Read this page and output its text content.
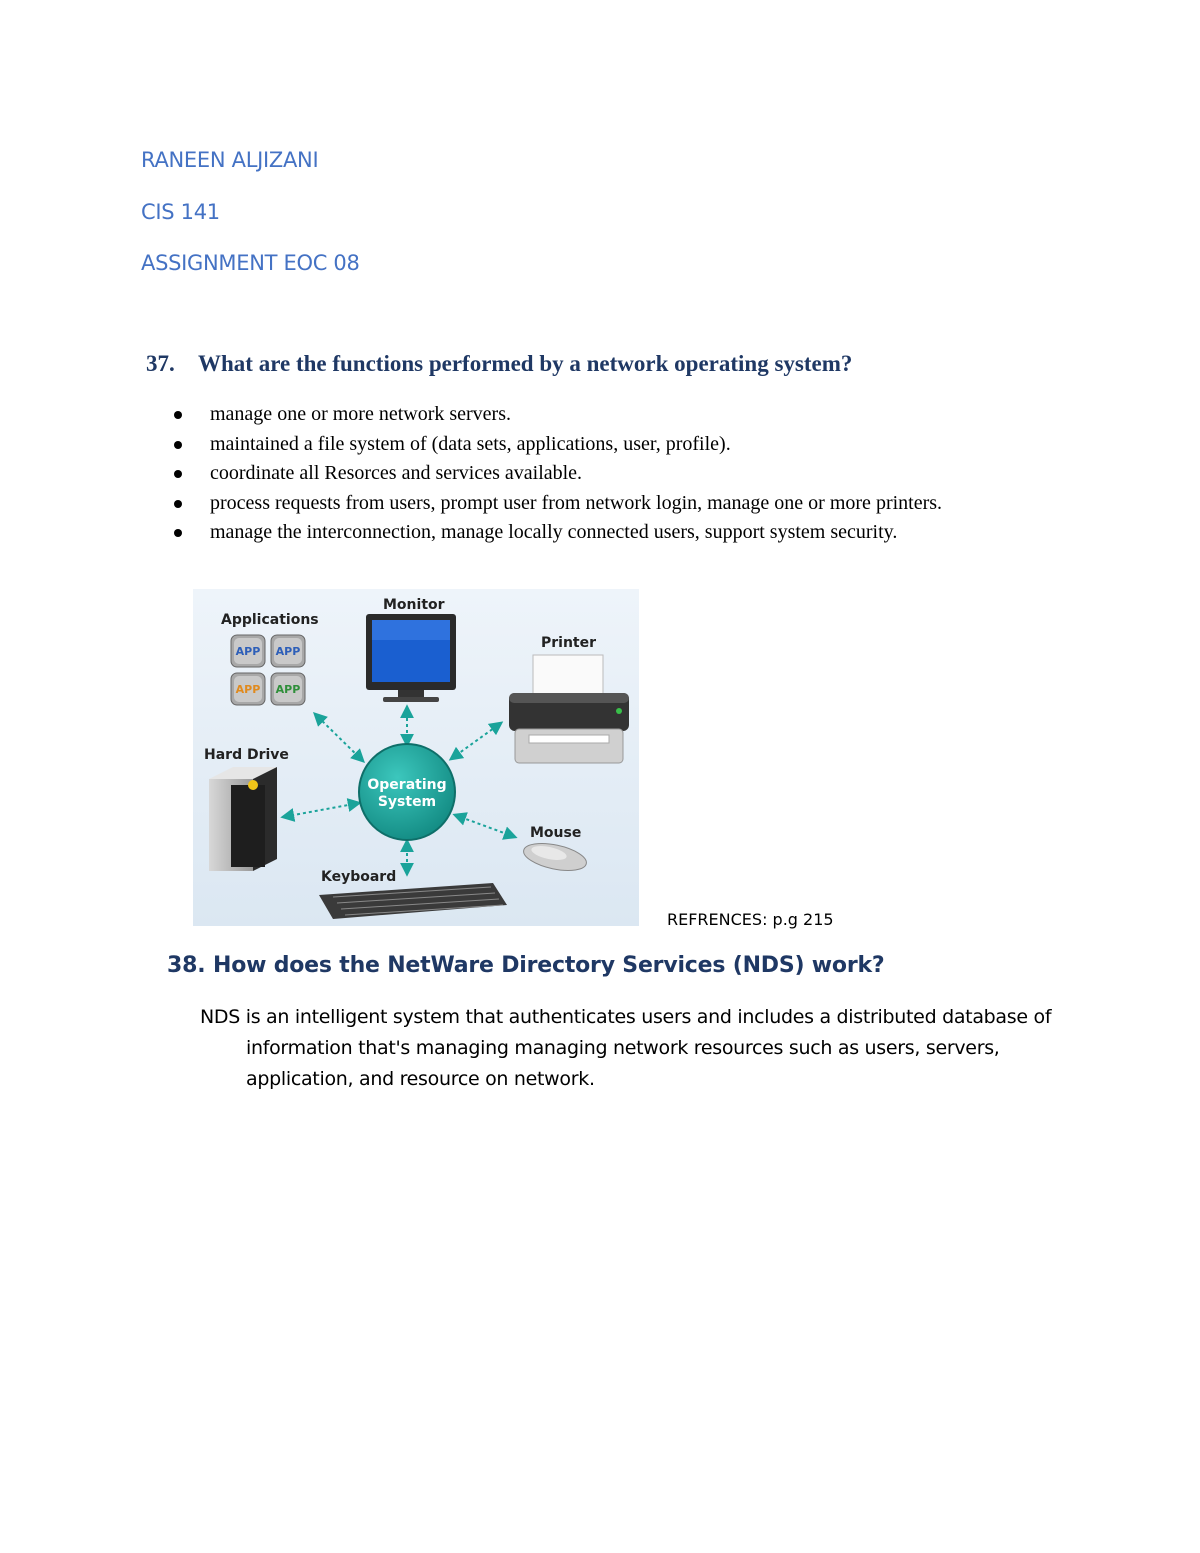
RANEEN ALJIZANI
CIS 141
ASSIGNMENT EOC 08
37. What are the functions performed by a network operating system?
manage one or more network servers.
maintained a file system of (data sets, applications, user, profile).
coordinate all Resorces and services available.
process requests from users, prompt user from network login, manage one or more printers.
manage the interconnection, manage locally connected users, support system security.
Applications
APP APP
APP APP
Monitor
Printer
Hard Drive
Operating
System
Mouse
Keyboard
REFRENCES: p.g 215
38. How does the NetWare Directory Services (NDS) work?

NDS is an intelligent system that authenticates users and includes a distributed database of information that's managing managing network resources such as users, servers, application, and resource on network.
